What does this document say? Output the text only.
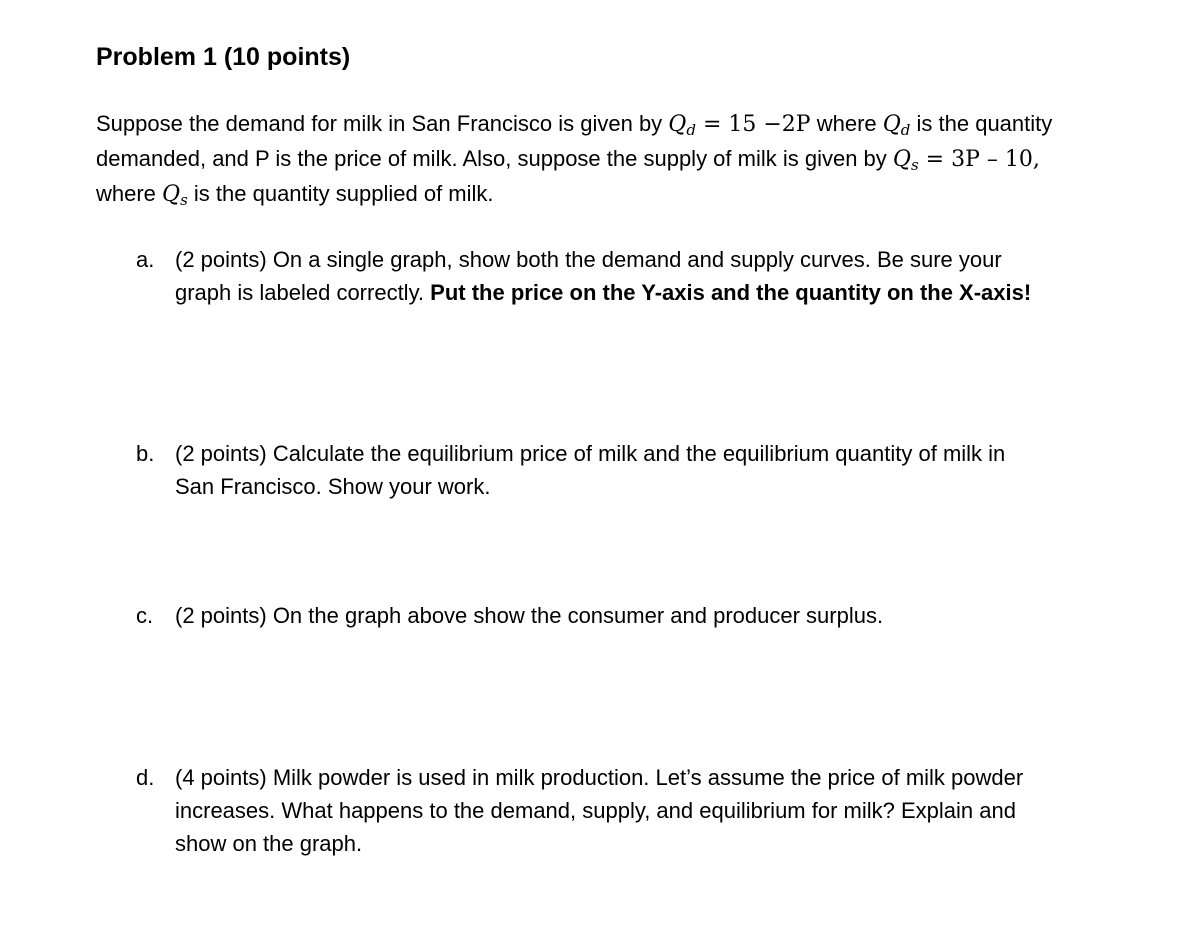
Problem 1 (10 points)
Suppose the demand for milk in San Francisco is given by $Q_d = 15 -2P$ where $Q_d$ is the quantity
demanded, and P is the price of milk. Also, suppose the supply of milk is given by $Q_s = 3P - 10$,
where $Q_s$ is the quantity supplied of milk.
a. (2 points) On a single graph, show both the demand and supply curves. Be sure your
graph is labeled correctly. Put the price on the Y-axis and the quantity on the X-axis!
b. (2 points) Calculate the equilibrium price of milk and the equilibrium quantity of milk in
San Francisco. Show your work.
c. (2 points) On the graph above show the consumer and producer surplus.
d. (4 points) Milk powder is used in milk production. Let’s assume the price of milk powder
increases. What happens to the demand, supply, and equilibrium for milk? Explain and
show on the graph.
